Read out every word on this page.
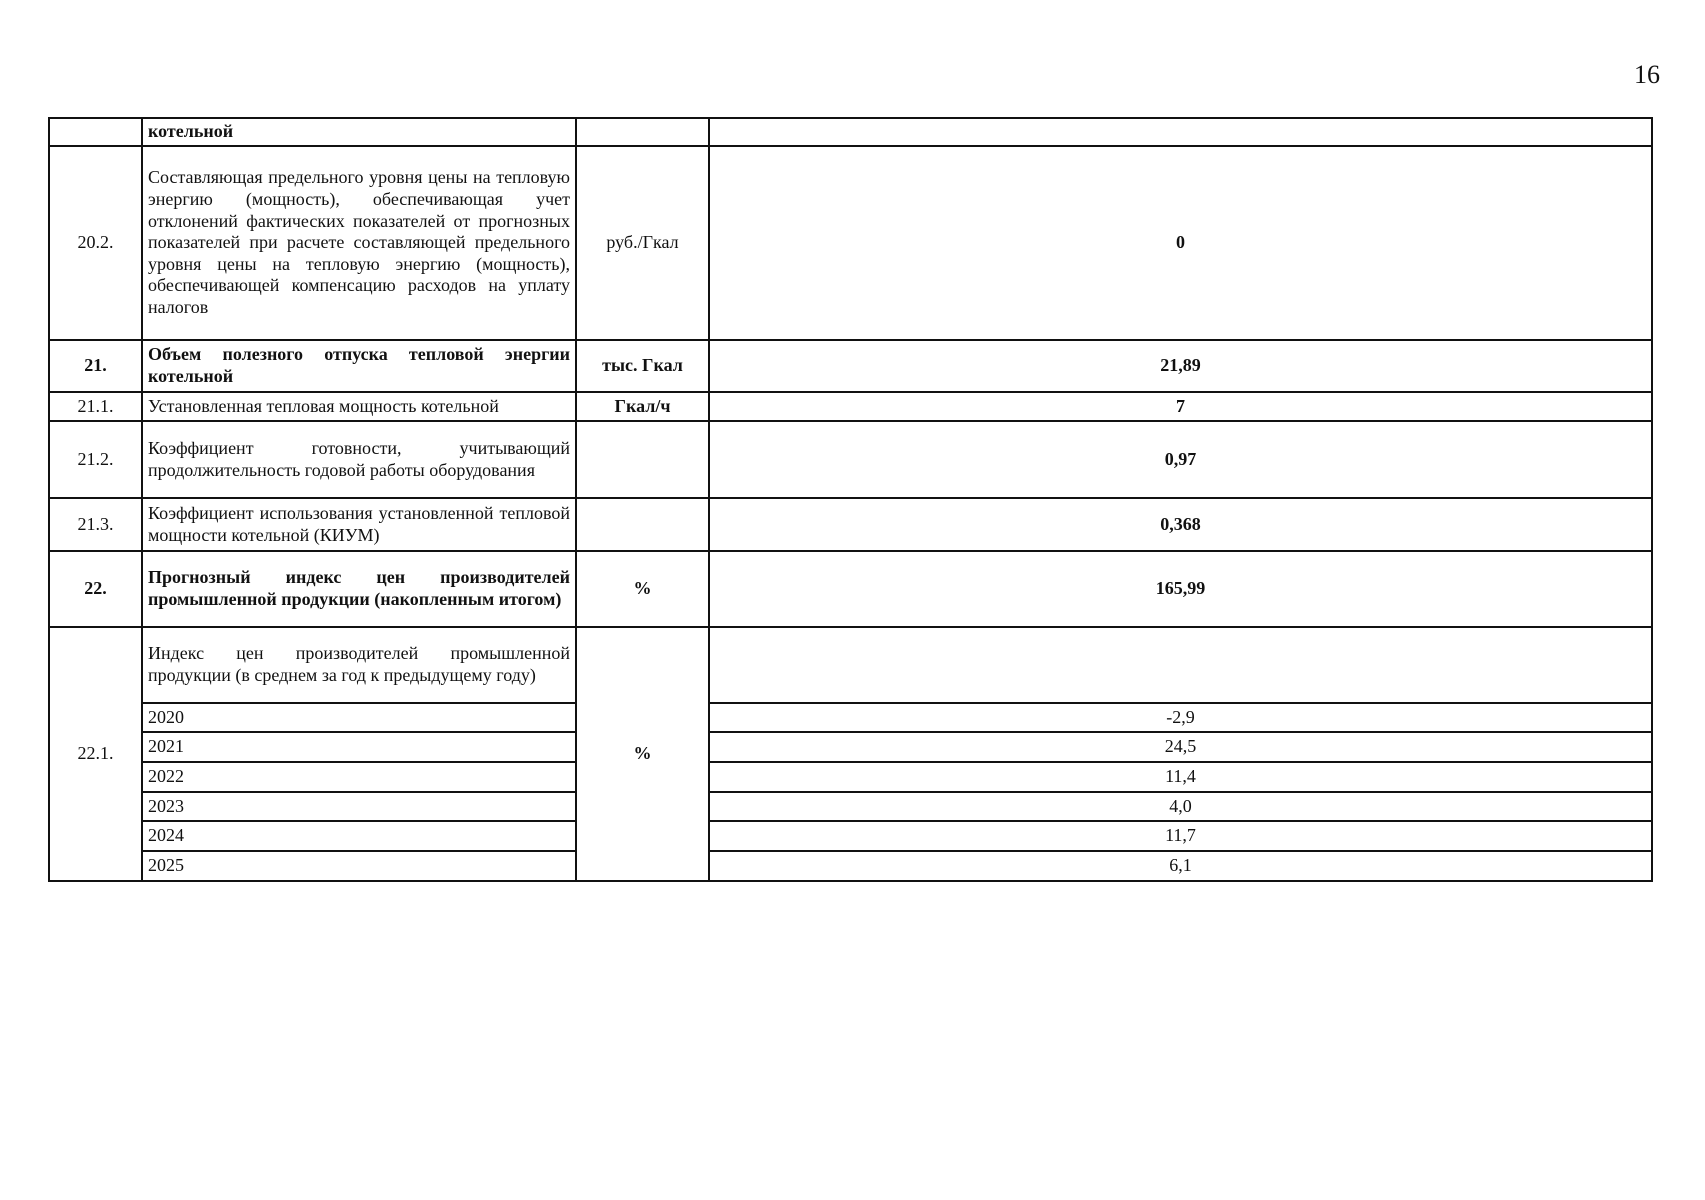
16
	котельной		
20.2.	Составляющая предельного уровня цены на тепловую энергию (мощность), обеспечивающая учет отклонений фактических показателей от прогнозных показателей при расчете составляющей предельного уровня цены на тепловую энергию (мощность), обеспечивающей компенсацию расходов на уплату налогов	руб./Гкал	0
21.	Объем полезного отпуска тепловой энергии котельной	тыс. Гкал	21,89
21.1.	Установленная тепловая мощность котельной	Гкал/ч	7
21.2.	Коэффициент готовности, учитывающий продолжительность годовой работы оборудования		0,97
21.3.	Коэффициент использования установленной тепловой мощности котельной (КИУМ)		0,368
22.	Прогнозный индекс цен производителей промышленной продукции (накопленным итогом)	%	165,99
22.1.	Индекс цен производителей промышленной продукции (в среднем за год к предыдущему году)	%	
	2020		-2,9
	2021		24,5
	2022		11,4
	2023		4,0
	2024		11,7
	2025		6,1
